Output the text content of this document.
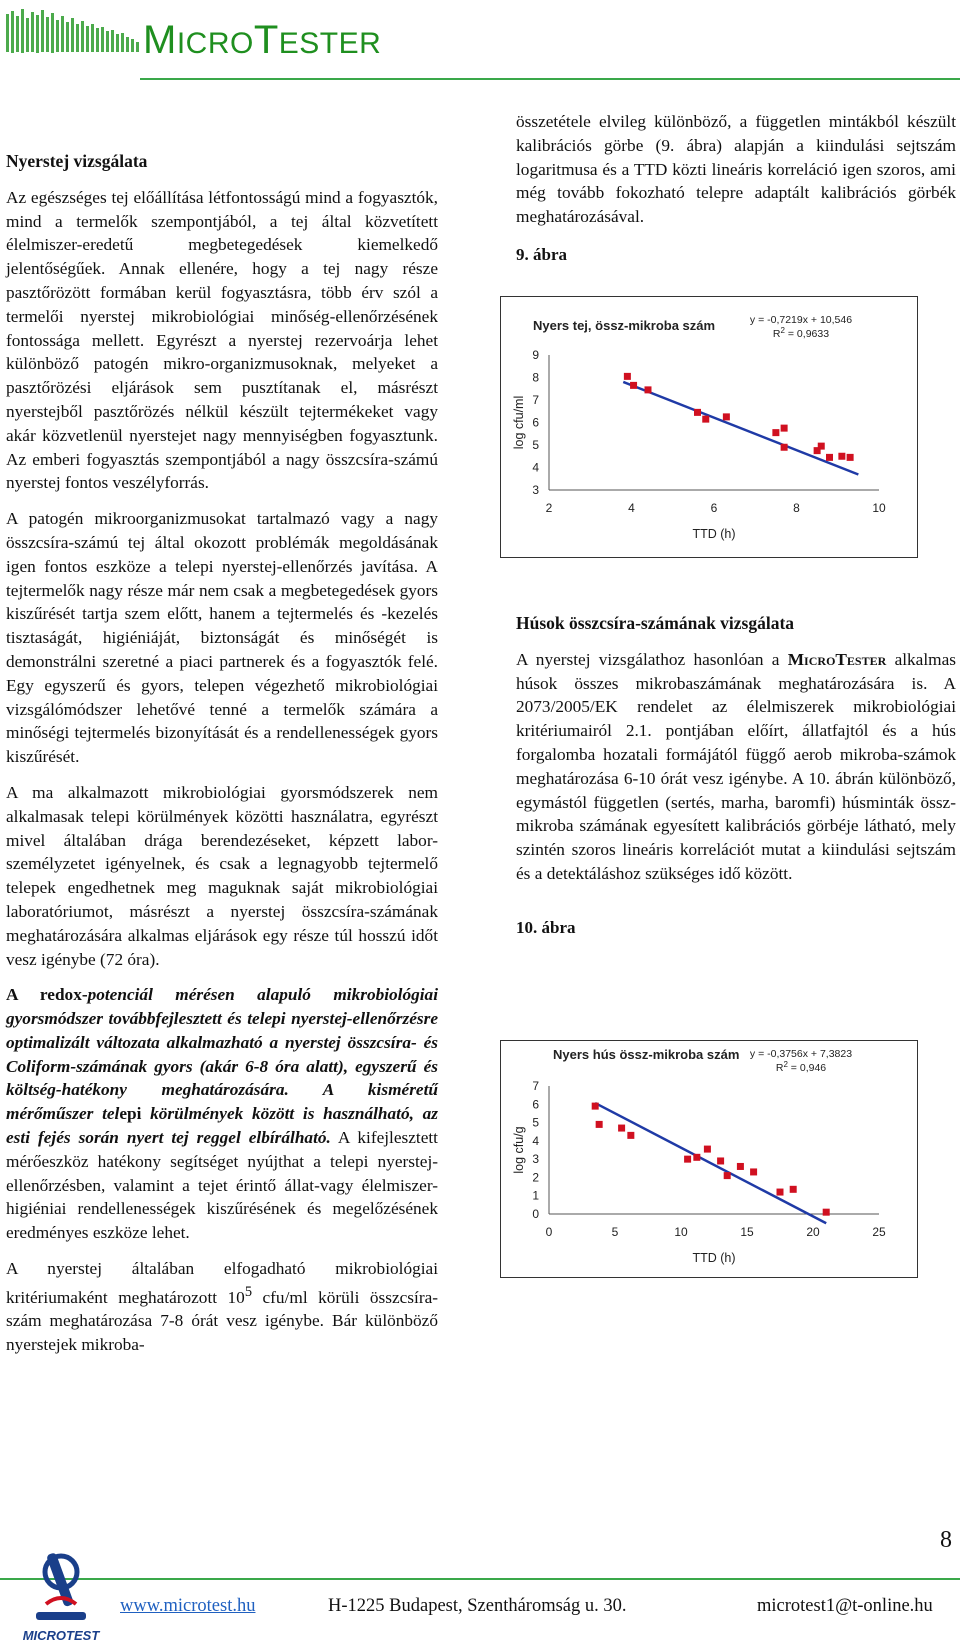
MICROTESTER
Nyerstej vizsgálata

Az egészséges tej előállítása létfontosságú mind a fogyasztók, mind a termelők szempontjából, a tej által közvetített élelmiszer-eredetű megbetegedések kiemelkedő jelentőségűek. Annak ellenére, hogy a tej nagy része pasztőrözött formában kerül fogyasztásra, több érv szól a termelői nyerstej mikrobiológiai minőség-ellenőrzésének fontossága mellett. Egyrészt a nyerstej rezervoárja lehet különböző patogén mikro-organizmusoknak, melyeket a pasztőrözési eljárások sem pusztítanak el, másrészt nyerstejből pasztőrözés nélkül készült tejtermékeket vagy akár közvetlenül nyerstejet nagy mennyiségben fogyasztunk. Az emberi fogyasztás szempontjából a nagy összcsíra-számú nyerstej fontos veszélyforrás.

A patogén mikroorganizmusokat tartalmazó vagy a nagy összcsíra-számú tej által okozott problémák megoldásának igen fontos eszköze a telepi nyerstej-ellenőrzés javítása. A tejtermelők nagy része már nem csak a megbetegedések gyors kiszűrését tartja szem előtt, hanem a tejtermelés és -kezelés tisztaságát, higiéniáját, biztonságát és minőségét is demonstrálni szeretné a piaci partnerek és a fogyasztók felé. Egy egyszerű és gyors, telepen végezhető mikrobiológiai vizsgálómódszer lehetővé tenné a termelők számára a minőségi tejtermelés bizonyítását és a rendellenességek gyors kiszűrését.

A ma alkalmazott mikrobiológiai gyorsmódszerek nem alkalmasak telepi körülmények közötti használatra, egyrészt mivel általában drága berendezéseket, képzett labor-személyzetet igényelnek, és csak a legnagyobb tejtermelő telepek engedhetnek meg maguknak saját mikrobiológiai laboratóriumot, másrészt a nyerstej összcsíra-számának meghatározására alkalmas eljárások egy része túl hosszú időt vesz igénybe (72 óra).

A redox-potenciál mérésen alapuló mikrobiológiai gyorsmódszer továbbfejlesztett és telepi nyerstej-ellenőrzésre optimalizált változata alkalmazható a nyerstej összcsíra- és Coliform-számának gyors (akár 6-8 óra alatt), egyszerű és költség-hatékony meghatározására. A kisméretű mérőműszer telepi körülmények között is használható, az esti fejés során nyert tej reggel elbírálható. A kifejlesztett mérőeszköz hatékony segítséget nyújthat a telepi nyerstej-ellenőrzésben, valamint a tejet érintő állat-vagy élelmiszer-higiéniai rendellenességek kiszűrésének és megelőzésének eredményes eszköze lehet.

A nyerstej általában elfogadható mikrobiológiai kritériumaként meghatározott $10^5$ cfu/ml körüli összcsíra-szám meghatározása 7-8 órát vesz igénybe. Bár különböző nyerstejek mikroba-

összetétele elvileg különböző, a független mintákból készült kalibrációs görbe (9. ábra) alapján a kiindulási sejtszám logaritmusa és a TTD közti lineáris korreláció igen szoros, ami még tovább fokozható telepre adaptált kalibrációs görbék meghatározásával.

9. ábra
Nyers tej, össz-mikroba szám	y = -0,7219x + 10,546
$R^2 = 0,9633$
3
4
5
6
7
8
9
2	4	6	8	10
TTD (h)
log cfu/ml
Húsok összcsíra-számának vizsgálata

A nyerstej vizsgálathoz hasonlóan a MicroTester alkalmas húsok összes mikrobaszámának meghatározására is. A 2073/2005/EK rendelet az élelmiszerek mikrobiológiai kritériumairól 2.1. pontjában előírt, állatfajtól és a hús forgalomba hozatali formájától függő aerob mikroba-számok meghatározása 6-10 órát vesz igénybe. A 10. ábrán különböző, egymástól független (sertés, marha, baromfi) húsminták össz-mikroba számának egyesített kalibrációs görbéje látható, mely szintén szoros lineáris korrelációt mutat a kiindulási sejtszám és a detektáláshoz szükséges idő között.

10. ábra
Nyers hús össz-mikroba szám y = -0,3756x + 7,3823
$R^2 = 0,946$
0
1
2
3
4
5
6
7
0	5	10	15	20	25
TTD (h)
log cfu/g
8
MICROTEST
www.microtest.hu	H-1225 Budapest, Szentháromság u. 30.	microtest1@t-online.hu
